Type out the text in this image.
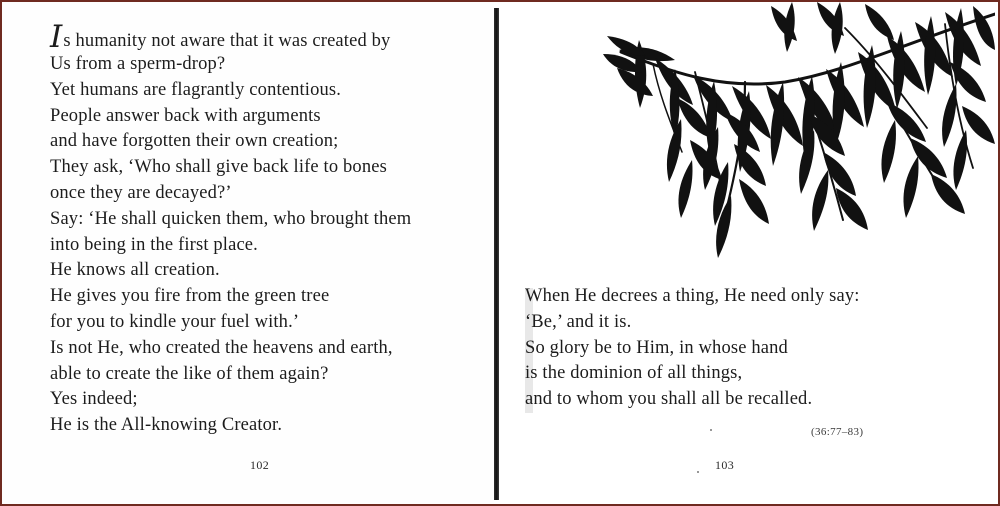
Is humanity not aware that it was created by
Us from a sperm-drop?
Yet humans are flagrantly contentious.
People answer back with arguments
and have forgotten their own creation;
They ask, ‘Who shall give back life to bones
once they are decayed?’
Say: ‘He shall quicken them, who brought them
into being in the first place.
He knows all creation.
He gives you fire from the green tree
for you to kindle your fuel with.’
Is not He, who created the heavens and earth,
able to create the like of them again?
Yes indeed;
He is the All-knowing Creator.
102
When He decrees a thing, He need only say:
‘Be,’ and it is.
So glory be to Him, in whose hand
is the dominion of all things,
and to whom you shall all be recalled.
(36:77–83)
103
